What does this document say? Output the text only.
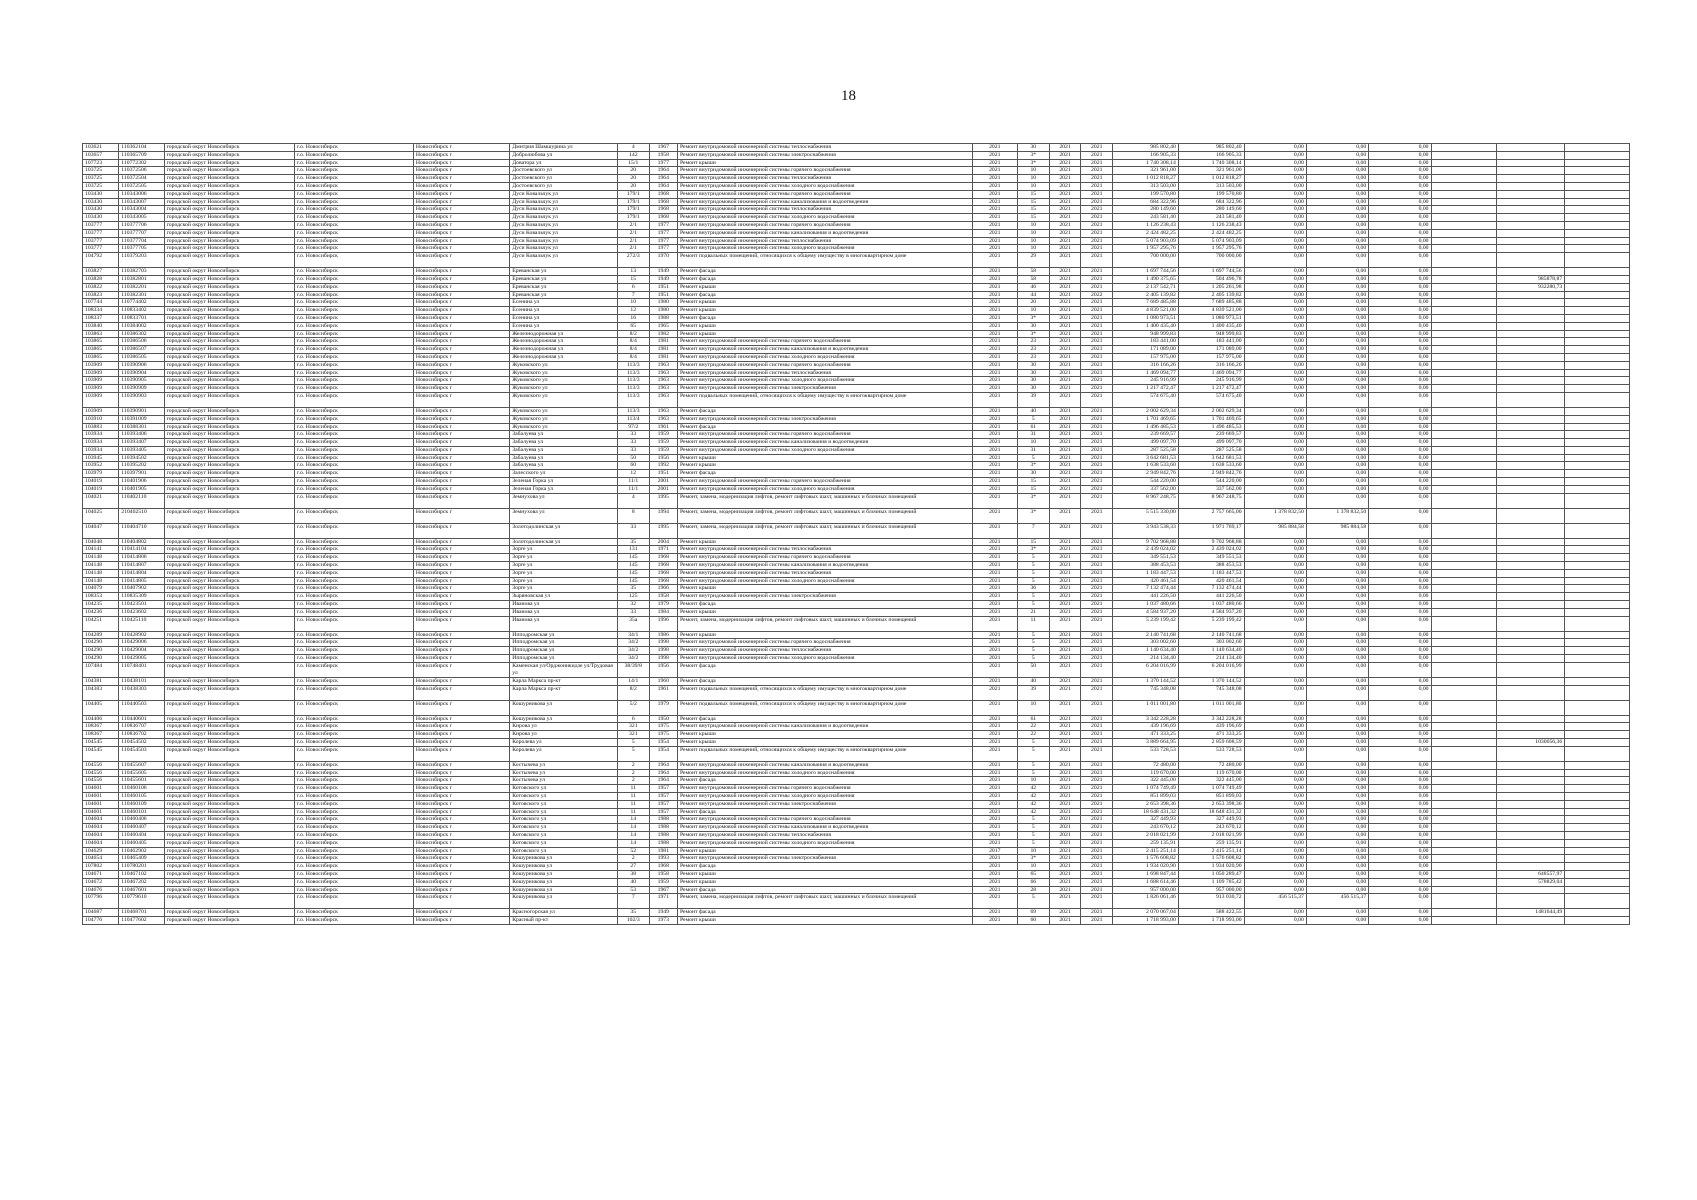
18
103621	110362104	городской округ Новосибирск	г.о. Новосибирск	Новосибирск г	Дмитрия Шамшурина ул	4	1967	Ремонт внутридомовой инженерной системы теплоснабжения	2021	30	2021	2021	985 802,40	985 802,40	0,00	0,00	0,00			
103657	110365709	городской округ Новосибирск	г.о. Новосибирск	Новосибирск г	Добролюбова ул	142	1958	Ремонт внутридомовой инженерной системы электроснабжения	2021	3*	2021	2021	166 905,33	166 905,33	0,00	0,00	0,00			
107723	110772302	городской округ Новосибирск	г.о. Новосибирск	Новосибирск г	Доватора ул	15/1	1977	Ремонт крыши	2021	3*	2021	2021	1 740 308,14	1 740 308,14	0,00	0,00	0,00			
103725	110372506	городской округ Новосибирск	г.о. Новосибирск	Новосибирск г	Достоевского ул	20	1964	Ремонт внутридомовой инженерной системы горячего водоснабжения	2021	10	2021	2021	321 961,00	321 961,00	0,00	0,00	0,00			
103725	110372504	городской округ Новосибирск	г.о. Новосибирск	Новосибирск г	Достоевского ул	20	1964	Ремонт внутридомовой инженерной системы теплоснабжения	2021	10	2021	2021	1 012 818,27	1 012 818,27	0,00	0,00	0,00			
103725	110372505	городской округ Новосибирск	г.о. Новосибирск	Новосибирск г	Достоевского ул	20	1964	Ремонт внутридомовой инженерной системы холодного водоснабжения	2021	10	2021	2021	313 503,00	313 503,00	0,00	0,00	0,00			
103430	110343006	городской округ Новосибирск	г.о. Новосибирск	Новосибирск г	Дуси Ковальчук ул	179/1	1968	Ремонт внутридомовой инженерной системы горячего водоснабжения	2021	15	2021	2021	199 570,80	199 570,80	0,00	0,00	0,00			
103430	110343007	городской округ Новосибирск	г.о. Новосибирск	Новосибирск г	Дуси Ковальчук ул	179/1	1968	Ремонт внутридомовой инженерной системы канализования и водоотведения	2021	15	2021	2021	684 322,96	684 322,96	0,00	0,00	0,00			
103430	110343004	городской округ Новосибирск	г.о. Новосибирск	Новосибирск г	Дуси Ковальчук ул	179/1	1968	Ремонт внутридомовой инженерной системы теплоснабжения	2021	15	2021	2021	280 149,60	280 149,60	0,00	0,00	0,00			
103430	110343005	городской округ Новосибирск	г.о. Новосибирск	Новосибирск г	Дуси Ковальчук ул	179/1	1968	Ремонт внутридомовой инженерной системы холодного водоснабжения	2021	15	2021	2021	243 581,40	243 581,40	0,00	0,00	0,00			
103777	110377706	городской округ Новосибирск	г.о. Новосибирск	Новосибирск г	Дуси Ковальчук ул	2/1	1977	Ремонт внутридомовой инженерной системы горячего водоснабжения	2021	10	2021	2021	1 126 238,43	1 126 238,43	0,00	0,00	0,00			
103777	110377707	городской округ Новосибирск	г.о. Новосибирск	Новосибирск г	Дуси Ковальчук ул	2/1	1977	Ремонт внутридомовой инженерной системы канализования и водоотведения	2021	10	2021	2021	2 424 482,25	2 424 482,25	0,00	0,00	0,00			
103777	110377704	городской округ Новосибирск	г.о. Новосибирск	Новосибирск г	Дуси Ковальчук ул	2/1	1977	Ремонт внутридомовой инженерной системы теплоснабжения	2021	10	2021	2021	5 074 903,09	5 074 903,09	0,00	0,00	0,00			
103777	110377705	городской округ Новосибирск	г.о. Новосибирск	Новосибирск г	Дуси Ковальчук ул	2/1	1977	Ремонт внутридомовой инженерной системы холодного водоснабжения	2021	10	2021	2021	1 957 295,76	1 957 295,76	0,00	0,00	0,00			
104792	110379203	городской округ Новосибирск	г.о. Новосибирск	Новосибирск г	Дуси Ковальчук ул	272/3	1970	Ремонт подвальных помещений, относящихся к общему имуществу в многоквартирном доме	2021	29	2021	2021	700 000,00	700 000,00	0,00	0,00	0,00			
103827	110382703	городской округ Новосибирск	г.о. Новосибирск	Новосибирск г	Ереванская ул	13	1949	Ремонт фасада	2021	58	2021	2021	1 697 744,56	1 697 744,56	0,00	0,00	0,00			
103828	110382801	городской округ Новосибирск	г.о. Новосибирск	Новосибирск г	Ереванская ул	15	1949	Ремонт фасада	2021	58	2021	2021	1 490 375,65	504 496,78	0,00	0,00	0,00		985878,87	
103822	110382201	городской округ Новосибирск	г.о. Новосибирск	Новосибирск г	Ереванская ул	6	1951	Ремонт крыши	2021	46	2021	2021	2 137 542,71	1 205 261,98	0,00	0,00	0,00		932280,73	
103823	110382301	городской округ Новосибирск	г.о. Новосибирск	Новосибирск г	Ереванская ул	7	1951	Ремонт фасада	2021	44	2021	2022	2 405 139,82	2 405 139,82	0,00	0,00	0,00			
107744	110774402	городской округ Новосибирск	г.о. Новосибирск	Новосибирск г	Есенина ул	10	1980	Ремонт крыши	2021	20	2021	2021	7 689 485,88	7 689 485,88	0,00	0,00	0,00			
108334	110833402	городской округ Новосибирск	г.о. Новосибирск	Новосибирск г	Есенина ул	12	1980	Ремонт крыши	2021	10	2021	2021	4 839 521,00	4 839 521,00	0,00	0,00	0,00			
108337	110833701	городской округ Новосибирск	г.о. Новосибирск	Новосибирск г	Есенина ул	16	1988	Ремонт фасада	2021	3*	2021	2021	1 080 973,51	1 080 973,51	0,00	0,00	0,00			
103840	110384002	городской округ Новосибирск	г.о. Новосибирск	Новосибирск г	Есенина ул	65	1965	Ремонт крыши	2021	30	2021	2021	1 400 435,40	1 400 435,40	0,00	0,00	0,00			
103863	110386302	городской округ Новосибирск	г.о. Новосибирск	Новосибирск г	Железнодорожная ул	8/2	1982	Ремонт крыши	2021	3*	2021	2021	948 999,83	948 999,83	0,00	0,00	0,00			
103865	110386506	городской округ Новосибирск	г.о. Новосибирск	Новосибирск г	Железнодорожная ул	8/4	1981	Ремонт внутридомовой инженерной системы горячего водоснабжения	2021	23	2021	2021	183 441,00	183 441,00	0,00	0,00	0,00			
103865	110386507	городской округ Новосибирск	г.о. Новосибирск	Новосибирск г	Железнодорожная ул	8/4	1981	Ремонт внутридомовой инженерной системы канализования и водоотведения	2021	23	2021	2021	171 089,00	171 089,00	0,00	0,00	0,00			
103865	110386505	городской округ Новосибирск	г.о. Новосибирск	Новосибирск г	Железнодорожная ул	8/4	1981	Ремонт внутридомовой инженерной системы холодного водоснабжения	2021	23	2021	2021	157 975,00	157 975,00	0,00	0,00	0,00			
103909	110390906	городской округ Новосибирск	г.о. Новосибирск	Новосибирск г	Жуковского ул	113/3	1963	Ремонт внутридомовой инженерной системы горячего водоснабжения	2021	30	2021	2021	316 166,26	316 166,26	0,00	0,00	0,00			
103909	110390904	городской округ Новосибирск	г.о. Новосибирск	Новосибирск г	Жуковского ул	113/3	1963	Ремонт внутридомовой инженерной системы теплоснабжения	2021	30	2021	2021	1 469 094,77	1 469 094,77	0,00	0,00	0,00			
103909	110390905	городской округ Новосибирск	г.о. Новосибирск	Новосибирск г	Жуковского ул	113/3	1963	Ремонт внутридомовой инженерной системы холодного водоснабжения	2021	30	2021	2021	245 916,99	245 916,99	0,00	0,00	0,00			
103909	110390909	городской округ Новосибирск	г.о. Новосибирск	Новосибирск г	Жуковского ул	113/3	1963	Ремонт внутридомовой инженерной системы электроснабжения	2021	30	2021	2021	1 217 472,47	1 217 472,47	0,00	0,00	0,00			
103909	110390903	городской округ Новосибирск	г.о. Новосибирск	Новосибирск г	Жуковского ул	113/3	1963	Ремонт подвальных помещений, относящихся к общему имуществу в многоквартирном доме	2021	39	2021	2021	574 675,40	574 675,40	0,00	0,00	0,00			
103909	110390901	городской округ Новосибирск	г.о. Новосибирск	Новосибирск г	Жуковского ул	113/3	1963	Ремонт фасада	2021	40	2021	2021	2 002 629,34	2 002 629,34	0,00	0,00	0,00			
103910	110391009	городской округ Новосибирск	г.о. Новосибирск	Новосибирск г	Жуковского ул	113/4	1963	Ремонт внутридомовой инженерной системы электроснабжения	2021	5	2021	2021	1 701 469,65	1 701 469,65	0,00	0,00	0,00			
103883	110388301	городской округ Новосибирск	г.о. Новосибирск	Новосибирск г	Жуковского ул	97/2	1961	Ремонт фасада	2021	61	2021	2021	1 496 485,53	1 496 485,53	0,00	0,00	0,00			
103934	110393406	городской округ Новосибирск	г.о. Новосибирск	Новосибирск г	Забалуева ул	33	1959	Ремонт внутридомовой инженерной системы горячего водоснабжения	2021	31	2021	2021	239 669,57	239 669,57	0,00	0,00	0,00			
103934	110393407	городской округ Новосибирск	г.о. Новосибирск	Новосибирск г	Забалуева ул	33	1959	Ремонт внутридомовой инженерной системы канализования и водоотведения	2021	10	2021	2021	499 097,70	499 097,70	0,00	0,00	0,00			
103934	110393405	городской округ Новосибирск	г.о. Новосибирск	Новосибирск г	Забалуева ул	33	1959	Ремонт внутридомовой инженерной системы холодного водоснабжения	2021	31	2021	2021	287 525,58	287 525,58	0,00	0,00	0,00			
103945	110394502	городской округ Новосибирск	г.о. Новосибирск	Новосибирск г	Забалуева ул	50	1956	Ремонт крыши	2021	5	2021	2021	3 642 681,53	3 642 681,53	0,00	0,00	0,00			
103952	110395202	городской округ Новосибирск	г.о. Новосибирск	Новосибирск г	Забалуева ул	60	1992	Ремонт крыши	2021	3*	2021	2021	1 638 533,60	1 638 533,60	0,00	0,00	0,00			
103979	110397901	городской округ Новосибирск	г.о. Новосибирск	Новосибирск г	Залесского ул	12	1951	Ремонт фасада	2021	30	2021	2021	2 949 842,76	2 949 842,76	0,00	0,00	0,00			
104019	110401906	городской округ Новосибирск	г.о. Новосибирск	Новосибирск г	Зеленая Горка ул	11/1	2001	Ремонт внутридомовой инженерной системы горячего водоснабжения	2021	15	2021	2021	544 220,00	544 220,00	0,00	0,00	0,00			
104019	110401905	городской округ Новосибирск	г.о. Новосибирск	Новосибирск г	Зеленая Горка ул	11/1	2001	Ремонт внутридомовой инженерной системы холодного водоснабжения	2021	15	2021	2021	337 562,00	337 562,00	0,00	0,00	0,00			
104021	110402110	городской округ Новосибирск	г.о. Новосибирск	Новосибирск г	Земнухова ул	4	1995	Ремонт, замена, модернизация лифтов, ремонт лифтовых шахт, машинных и блочных помещений	2021	3*	2021	2021	8 967 248,75	8 967 248,75	0,00	0,00	0,00			
104025	210402510	городской округ Новосибирск	г.о. Новосибирск	Новосибирск г	Земнухова ул	8	1994	Ремонт, замена, модернизация лифтов, ремонт лифтовых шахт, машинных и блочных помещений	2021	3*	2021	2021	5 515 330,00	2 757 665,00	1 378 832,50	1 378 832,50	0,00			
104047	110404710	городской округ Новосибирск	г.о. Новосибирск	Новосибирск г	Золотодолинская ул	33	1995	Ремонт, замена, модернизация лифтов, ремонт лифтовых шахт, машинных и блочных помещений	2021	7	2021	2021	3 943 538,33	1 971 769,17	985 884,58	985 884,58	0,00			
104048	110404802	городской округ Новосибирск	г.о. Новосибирск	Новосибирск г	Золотодолинская ул	35	2004	Ремонт крыши	2021	15	2021	2021	9 702 968,88	9 702 968,88	0,00	0,00	0,00			
104141	110414104	городской округ Новосибирск	г.о. Новосибирск	Новосибирск г	Зорге ул	131	1971	Ремонт внутридомовой инженерной системы теплоснабжения	2021	3*	2021	2021	2 439 024,02	2 439 024,02	0,00	0,00	0,00			
104148	110414806	городской округ Новосибирск	г.о. Новосибирск	Новосибирск г	Зорге ул	145	1968	Ремонт внутридомовой инженерной системы горячего водоснабжения	2021	5	2021	2021	349 551,53	349 551,53	0,00	0,00	0,00			
104148	110414807	городской округ Новосибирск	г.о. Новосибирск	Новосибирск г	Зорге ул	145	1968	Ремонт внутридомовой инженерной системы канализования и водоотведения	2021	5	2021	2021	388 453,53	388 453,53	0,00	0,00	0,00			
104148	110414804	городской округ Новосибирск	г.о. Новосибирск	Новосибирск г	Зорге ул	145	1968	Ремонт внутридомовой инженерной системы теплоснабжения	2021	5	2021	2021	1 183 447,53	1 183 447,53	0,00	0,00	0,00			
104148	110414805	городской округ Новосибирск	г.о. Новосибирск	Новосибирск г	Зорге ул	145	1968	Ремонт внутридомовой инженерной системы холодного водоснабжения	2021	5	2021	2021	420 461,54	420 461,54	0,00	0,00	0,00			
104079	110407902	городской округ Новосибирск	г.о. Новосибирск	Новосибирск г	Зорге ул	35	1966	Ремонт крыши	2021	36	2021	2021	7 132 474,44	7 132 474,44	0,00	0,00	0,00			
108353	110835309	городской округ Новосибирск	г.о. Новосибирск	Новосибирск г	Зыряновская ул	125	1958	Ремонт внутридомовой инженерной системы электроснабжения	2021	5	2021	2021	441 226,50	441 226,50	0,00	0,00	0,00			
104235	110423501	городской округ Новосибирск	г.о. Новосибирск	Новосибирск г	Иванова ул	32	1979	Ремонт фасада	2021	5	2021	2021	1 037 480,66	1 037 480,66	0,00	0,00	0,00			
104236	110423602	городской округ Новосибирск	г.о. Новосибирск	Новосибирск г	Иванова ул	33	1984	Ремонт крыши	2021	21	2021	2021	4 584 937,20	4 584 937,20	0,00	0,00	0,00			
104251	110425110	городской округ Новосибирск	г.о. Новосибирск	Новосибирск г	Иванова ул	35а	1996	Ремонт, замена, модернизация лифтов, ремонт лифтовых шахт, машинных и блочных помещений	2021	11	2021	2021	5 239 199,42	5 239 199,42	0,00	0,00	0,00			
104289	110428902	городской округ Новосибирск	г.о. Новосибирск	Новосибирск г	Ипподромская ул	34/1	1986	Ремонт крыши	2021	5	2021	2021	2 140 741,68	2 140 741,68	0,00	0,00	0,00			
104290	110429006	городской округ Новосибирск	г.о. Новосибирск	Новосибирск г	Ипподромская ул	34/2	1998	Ремонт внутридомовой инженерной системы горячего водоснабжения	2021	5	2021	2021	303 002,60	303 002,60	0,00	0,00	0,00			
104290	110429004	городской округ Новосибирск	г.о. Новосибирск	Новосибирск г	Ипподромская ул	34/2	1998	Ремонт внутридомовой инженерной системы теплоснабжения	2021	5	2021	2021	1 140 634,40	1 140 634,40	0,00	0,00	0,00			
104290	110429005	городской округ Новосибирск	г.о. Новосибирск	Новосибирск г	Ипподромская ул	34/2	1998	Ремонт внутридомовой инженерной системы холодного водоснабжения	2021	5	2021	2021	214 134,40	214 134,40	0,00	0,00	0,00			
107484	110748401	городской округ Новосибирск	г.о. Новосибирск	Новосибирск г	Каменская ул/Орджоникидзе ул/Трудовая ул	38/39/8	1956	Ремонт фасада	2021	50	2021	2021	6 204 016,99	6 204 016,99	0,00	0,00	0,00			
104381	110438101	городской округ Новосибирск	г.о. Новосибирск	Новосибирск г	Карла Маркса пр-кт	14/1	1960	Ремонт фасада	2021	40	2021	2021	1 370 144,52	1 370 144,52	0,00	0,00	0,00			
104383	110438303	городской округ Новосибирск	г.о. Новосибирск	Новосибирск г	Карла Маркса пр-кт	8/2	1961	Ремонт подвальных помещений, относящихся к общему имуществу в многоквартирном доме	2021	39	2021	2021	745 348,08	745 348,08	0,00	0,00	0,00			
104405	110440503	городской округ Новосибирск	г.о. Новосибирск	Новосибирск г	Кошурникова ул	5/2	1979	Ремонт подвальных помещений, относящихся к общему имуществу в многоквартирном доме	2021	10	2021	2021	1 011 001,80	1 011 001,80	0,00	0,00	0,00			
104406	110440601	городской округ Новосибирск	г.о. Новосибирск	Новосибирск г	Кошурникова ул	6	1950	Ремонт фасада	2021	61	2021	2021	3 342 228,28	3 342 228,28	0,00	0,00	0,00			
108367	110836707	городской округ Новосибирск	г.о. Новосибирск	Новосибирск г	Кирова ул	321	1975	Ремонт внутридомовой инженерной системы канализования и водоотведения	2021	22	2021	2021	439 196,69	439 196,69	0,00	0,00	0,00			
108367	110836702	городской округ Новосибирск	г.о. Новосибирск	Новосибирск г	Кирова ул	321	1975	Ремонт крыши	2021	22	2021	2021	471 333,25	471 333,25	0,00	0,00	0,00			
104545	110454502	городской округ Новосибирск	г.о. Новосибирск	Новосибирск г	Королева ул	5	1954	Ремонт крыши	2021	5	2021	2021	3 889 664,95	2 859 608,59	0,00	0,00	0,00		1030056,36	
104545	110454503	городской округ Новосибирск	г.о. Новосибирск	Новосибирск г	Королева ул	5	1954	Ремонт подвальных помещений, относящихся к общему имуществу в многоквартирном доме	2021	5	2021	2021	533 728,53	533 728,53	0,00	0,00	0,00			
104556	110455607	городской округ Новосибирск	г.о. Новосибирск	Новосибирск г	Костычева ул	2	1964	Ремонт внутридомовой инженерной системы канализования и водоотведения	2021	5	2021	2021	72 480,00	72 480,00	0,00	0,00	0,00			
104556	110455605	городской округ Новосибирск	г.о. Новосибирск	Новосибирск г	Костычева ул	2	1964	Ремонт внутридомовой инженерной системы холодного водоснабжения	2021	5	2021	2021	119 670,00	119 670,00	0,00	0,00	0,00			
104556	110455601	городской округ Новосибирск	г.о. Новосибирск	Новосибирск г	Костычева ул	2	1964	Ремонт фасада	2021	10	2021	2021	322 445,00	322 445,00	0,00	0,00	0,00			
104601	110460106	городской округ Новосибирск	г.о. Новосибирск	Новосибирск г	Котовского ул	11	1957	Ремонт внутридомовой инженерной системы горячего водоснабжения	2021	42	2021	2021	1 074 749,49	1 074 749,49	0,00	0,00	0,00			
104601	110460105	городской округ Новосибирск	г.о. Новосибирск	Новосибирск г	Котовского ул	11	1957	Ремонт внутридомовой инженерной системы холодного водоснабжения	2021	42	2021	2021	851 899,03	851 899,03	0,00	0,00	0,00			
104601	110460109	городской округ Новосибирск	г.о. Новосибирск	Новосибирск г	Котовского ул	11	1957	Ремонт внутридомовой инженерной системы электроснабжения	2021	42	2021	2021	2 653 398,36	2 653 398,36	0,00	0,00	0,00			
104601	110460101	городской округ Новосибирск	г.о. Новосибирск	Новосибирск г	Котовского ул	11	1957	Ремонт фасада	2021	42	2021	2021	18 648 431,32	18 648 431,32	0,00	0,00	0,00			
104604	110460406	городской округ Новосибирск	г.о. Новосибирск	Новосибирск г	Котовского ул	14	1988	Ремонт внутридомовой инженерной системы горячего водоснабжения	2021	5	2021	2021	327 449,93	327 449,93	0,00	0,00	0,00			
104604	110460407	городской округ Новосибирск	г.о. Новосибирск	Новосибирск г	Котовского ул	14	1988	Ремонт внутридомовой инженерной системы канализования и водоотведения	2021	5	2021	2021	243 670,12	243 670,12	0,00	0,00	0,00			
104604	110460404	городской округ Новосибирск	г.о. Новосибирск	Новосибирск г	Котовского ул	14	1988	Ремонт внутридомовой инженерной системы теплоснабжения	2021	5	2021	2021	2 018 021,99	2 018 021,99	0,00	0,00	0,00			
104604	110460405	городской округ Новосибирск	г.о. Новосибирск	Новосибирск г	Котовского ул	14	1988	Ремонт внутридомовой инженерной системы холодного водоснабжения	2021	5	2021	2021	259 135,91	259 135,91	0,00	0,00	0,00			
104629	110462902	городской округ Новосибирск	г.о. Новосибирск	Новосибирск г	Котовского ул	52	1981	Ремонт крыши	2017	10	2021	2021	2 415 251,14	2 415 251,14	0,00	0,00	0,00			
104654	110465409	городской округ Новосибирск	г.о. Новосибирск	Новосибирск г	Кошурникова ул	2	1993	Ремонт внутридомовой инженерной системы электроснабжения	2021	3*	2021	2021	1 576 608,82	1 576 608,82	0,00	0,00	0,00			
107802	110780201	городской округ Новосибирск	г.о. Новосибирск	Новосибирск г	Кошурникова ул	27	1968	Ремонт фасада	2021	10	2021	2021	1 934 020,90	1 934 020,90	0,00	0,00	0,00			
104671	110467102	городской округ Новосибирск	г.о. Новосибирск	Новосибирск г	Кошурникова ул	38	1958	Ремонт крыши	2021	65	2021	2021	1 698 847,44	1 050 289,47	0,00	0,00	0,00		648557,97	
104672	110467202	городской округ Новосибирск	г.о. Новосибирск	Новосибирск г	Кошурникова ул	40	1959	Ремонт крыши	2021	66	2021	2021	1 688 614,46	1 109 785,42	0,00	0,00	0,00		578829,04	
104676	110467601	городской округ Новосибирск	г.о. Новосибирск	Новосибирск г	Кошурникова ул	53	1967	Ремонт фасада	2021	28	2021	2021	957 000,00	957 000,00	0,00	0,00	0,00			
107796	110779610	городской округ Новосибирск	г.о. Новосибирск	Новосибирск г	Кошурникова ул	7	1971	Ремонт, замена, модернизация лифтов, ремонт лифтовых шахт, машинных и блочных помещений	2021	5	2021	2021	1 826 061,46	913 030,72	456 515,37	456 515,37	0,00			
104687	110468701	городской округ Новосибирск	г.о. Новосибирск	Новосибирск г	Красногорская ул	35	1949	Ремонт фасада	2021	69	2021	2021	2 070 067,04	588 422,55	0,00	0,00	0,00		1481644,49	
104776	110477602	городской округ Новосибирск	г.о. Новосибирск	Новосибирск г	Красный пр-кт	102/3	1973	Ремонт крыши	2021	60	2021	2021	1 718 993,00	1 718 993,00	0,00	0,00	0,00			
